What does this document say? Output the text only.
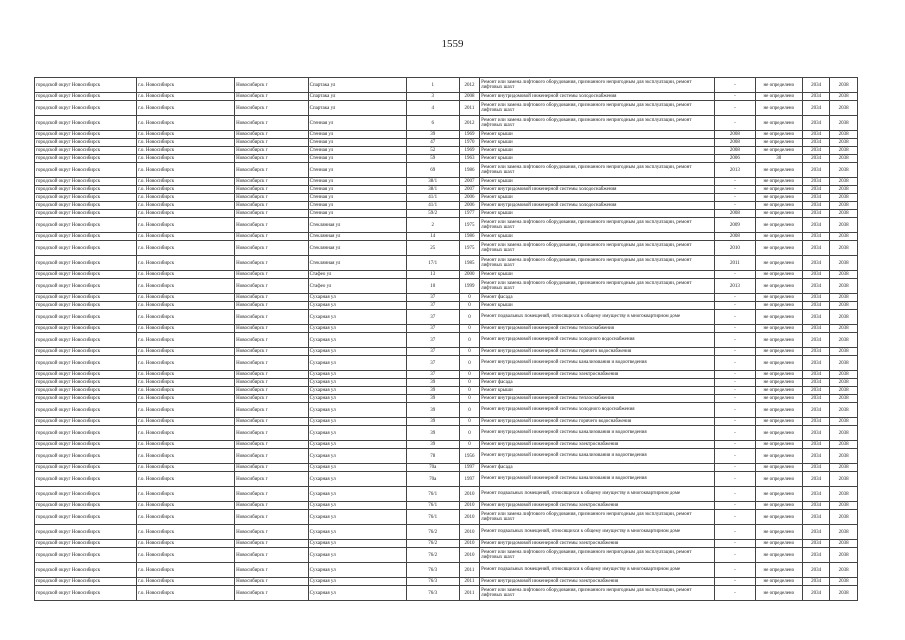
1559
городской округ Новосибирск	г.о. Новосибирск	Новосибирск г	Спартака ул	1	2012	Ремонт или замена лифтового оборудования, признанного непригодным для эксплуатации, ремонт лифтовых шахт	-	не определено	2034	2038
городской округ Новосибирск	г.о. Новосибирск	Новосибирск г	Спартака ул	3	2008	Ремонт внутридомовой инженерной системы холодоснабжения	-	не определено	2034	2038
городской округ Новосибирск	г.о. Новосибирск	Новосибирск г	Спартака ул	4	2011	Ремонт или замена лифтового оборудования, признанного непригодным для эксплуатации, ремонт лифтовых шахт	-	не определено	2034	2038
городской округ Новосибирск	г.о. Новосибирск	Новосибирск г	Стенная ул	6	2012	Ремонт или замена лифтового оборудования, признанного непригодным для эксплуатации, ремонт лифтовых шахт	-	не определено	2034	2038
городской округ Новосибирск	г.о. Новосибирск	Новосибирск г	Стенная ул	39	1969	Ремонт крыши	2008	не определено	2034	2038
городской округ Новосибирск	г.о. Новосибирск	Новосибирск г	Стенная ул	47	1970	Ремонт крыши	2008	не определено	2034	2038
городской округ Новосибирск	г.о. Новосибирск	Новосибирск г	Стенная ул	52	1969	Ремонт крыши	2008	не определено	2034	2038
городской округ Новосибирск	г.о. Новосибирск	Новосибирск г	Стенная ул	59	1963	Ремонт крыши	2006	30	2034	2038
городской округ Новосибирск	г.о. Новосибирск	Новосибирск г	Стенная ул	69	1986	Ремонт или замена лифтового оборудования, признанного непригодным для эксплуатации, ремонт лифтовых шахт	2013	не определено	2034	2038
городской округ Новосибирск	г.о. Новосибирск	Новосибирск г	Стенная ул	38/1	2007	Ремонт крыши	-	не определено	2034	2038
городской округ Новосибирск	г.о. Новосибирск	Новосибирск г	Стенная ул	38/1	2007	Ремонт внутридомовой инженерной системы холодоснабжения	-	не определено	2034	2038
городской округ Новосибирск	г.о. Новосибирск	Новосибирск г	Стенная ул	41/1	2006	Ремонт крыши	-	не определено	2034	2038
городской округ Новосибирск	г.о. Новосибирск	Новосибирск г	Стенная ул	41/1	2006	Ремонт внутридомовой инженерной системы холодоснабжения	-	не определено	2034	2038
городской округ Новосибирск	г.о. Новосибирск	Новосибирск г	Стенная ул	59/2	1977	Ремонт крыши	2008	не определено	2034	2038
городской округ Новосибирск	г.о. Новосибирск	Новосибирск г	Стеклянная ул	2	1975	Ремонт или замена лифтового оборудования, признанного непригодным для эксплуатации, ремонт лифтовых шахт	2009	не определено	2034	2038
городской округ Новосибирск	г.о. Новосибирск	Новосибирск г	Стеклянная ул	14	1986	Ремонт крыши	2008	не определено	2034	2038
городской округ Новосибирск	г.о. Новосибирск	Новосибирск г	Стеклянная ул	25	1975	Ремонт или замена лифтового оборудования, признанного непригодным для эксплуатации, ремонт лифтовых шахт	2010	не определено	2034	2038
городской округ Новосибирск	г.о. Новосибирск	Новосибирск г	Стеклянная ул	17/1	1985	Ремонт или замена лифтового оборудования, признанного непригодным для эксплуатации, ремонт лифтовых шахт	2011	не определено	2034	2038
городской округ Новосибирск	г.о. Новосибирск	Новосибирск г	Стафео ул	13	2000	Ремонт крыши	-	не определено	2034	2038
городской округ Новосибирск	г.о. Новосибирск	Новосибирск г	Стафео ул	10	1999	Ремонт или замена лифтового оборудования, признанного непригодным для эксплуатации, ремонт лифтовых шахт	2013	не определено	2034	2038
городской округ Новосибирск	г.о. Новосибирск	Новосибирск г	Сухарная ул	37	0	Ремонт фасада	-	не определено	2034	2038
городской округ Новосибирск	г.о. Новосибирск	Новосибирск г	Сухарная ул	37	0	Ремонт крыши	-	не определено	2034	2038
городской округ Новосибирск	г.о. Новосибирск	Новосибирск г	Сухарная ул	37	0	Ремонт подвальных помещений, относящихся к общему имуществу в многоквартирном доме	-	не определено	2034	2038
городской округ Новосибирск	г.о. Новосибирск	Новосибирск г	Сухарная ул	37	0	Ремонт внутридомовой инженерной системы теплоснабжения	-	не определено	2034	2038
городской округ Новосибирск	г.о. Новосибирск	Новосибирск г	Сухарная ул	37	0	Ремонт внутридомовой инженерной системы холодного водоснабжения	-	не определено	2034	2038
городской округ Новосибирск	г.о. Новосибирск	Новосибирск г	Сухарная ул	37	0	Ремонт внутридомовой инженерной системы горячего водоснабжения	-	не определено	2034	2038
городской округ Новосибирск	г.о. Новосибирск	Новосибирск г	Сухарная ул	37	0	Ремонт внутридомовой инженерной системы канализования и водоотведения	-	не определено	2034	2038
городской округ Новосибирск	г.о. Новосибирск	Новосибирск г	Сухарная ул	37	0	Ремонт внутридомовой инженерной системы электроснабжения	-	не определено	2034	2038
городской округ Новосибирск	г.о. Новосибирск	Новосибирск г	Сухарная ул	39	0	Ремонт фасада	-	не определено	2034	2038
городской округ Новосибирск	г.о. Новосибирск	Новосибирск г	Сухарная ул	39	0	Ремонт крыши	-	не определено	2034	2038
городской округ Новосибирск	г.о. Новосибирск	Новосибирск г	Сухарная ул	39	0	Ремонт внутридомовой инженерной системы теплоснабжения	-	не определено	2034	2038
городской округ Новосибирск	г.о. Новосибирск	Новосибирск г	Сухарная ул	39	0	Ремонт внутридомовой инженерной системы холодного водоснабжения	-	не определено	2034	2038
городской округ Новосибирск	г.о. Новосибирск	Новосибирск г	Сухарная ул	39	0	Ремонт внутридомовой инженерной системы горячего водоснабжения	-	не определено	2034	2038
городской округ Новосибирск	г.о. Новосибирск	Новосибирск г	Сухарная ул	39	0	Ремонт внутридомовой инженерной системы канализования и водоотведения	-	не определено	2034	2038
городской округ Новосибирск	г.о. Новосибирск	Новосибирск г	Сухарная ул	39	0	Ремонт внутридомовой инженерной системы электроснабжения	-	не определено	2034	2038
городской округ Новосибирск	г.о. Новосибирск	Новосибирск г	Сухарная ул	78	1956	Ремонт внутридомовой инженерной системы канализования и водоотведения	-	не определено	2034	2038
городской округ Новосибирск	г.о. Новосибирск	Новосибирск г	Сухарная ул	70а	1997	Ремонт фасада	-	не определено	2034	2038
городской округ Новосибирск	г.о. Новосибирск	Новосибирск г	Сухарная ул	70а	1997	Ремонт внутридомовой инженерной системы канализования и водоотведения	-	не определено	2034	2038
городской округ Новосибирск	г.о. Новосибирск	Новосибирск г	Сухарная ул	76/1	2010	Ремонт подвальных помещений, относящихся к общему имуществу в многоквартирном доме	-	не определено	2034	2038
городской округ Новосибирск	г.о. Новосибирск	Новосибирск г	Сухарная ул	76/1	2010	Ремонт внутридомовой инженерной системы электроснабжения	-	не определено	2034	2038
городской округ Новосибирск	г.о. Новосибирск	Новосибирск г	Сухарная ул	76/1	2010	Ремонт или замена лифтового оборудования, признанного непригодным для эксплуатации, ремонт лифтовых шахт	-	не определено	2034	2038
городской округ Новосибирск	г.о. Новосибирск	Новосибирск г	Сухарная ул	76/2	2010	Ремонт подвальных помещений, относящихся к общему имуществу в многоквартирном доме	-	не определено	2034	2038
городской округ Новосибирск	г.о. Новосибирск	Новосибирск г	Сухарная ул	76/2	2010	Ремонт внутридомовой инженерной системы электроснабжения	-	не определено	2034	2038
городской округ Новосибирск	г.о. Новосибирск	Новосибирск г	Сухарная ул	76/2	2010	Ремонт или замена лифтового оборудования, признанного непригодным для эксплуатации, ремонт лифтовых шахт	-	не определено	2034	2038
городской округ Новосибирск	г.о. Новосибирск	Новосибирск г	Сухарная ул	76/3	2011	Ремонт подвальных помещений, относящихся к общему имуществу в многоквартирном доме	-	не определено	2034	2038
городской округ Новосибирск	г.о. Новосибирск	Новосибирск г	Сухарная ул	76/3	2011	Ремонт внутридомовой инженерной системы электроснабжения	-	не определено	2034	2038
городской округ Новосибирск	г.о. Новосибирск	Новосибирск г	Сухарная ул	76/3	2011	Ремонт или замена лифтового оборудования, признанного непригодным для эксплуатации, ремонт лифтовых шахт	-	не определено	2034	2038
